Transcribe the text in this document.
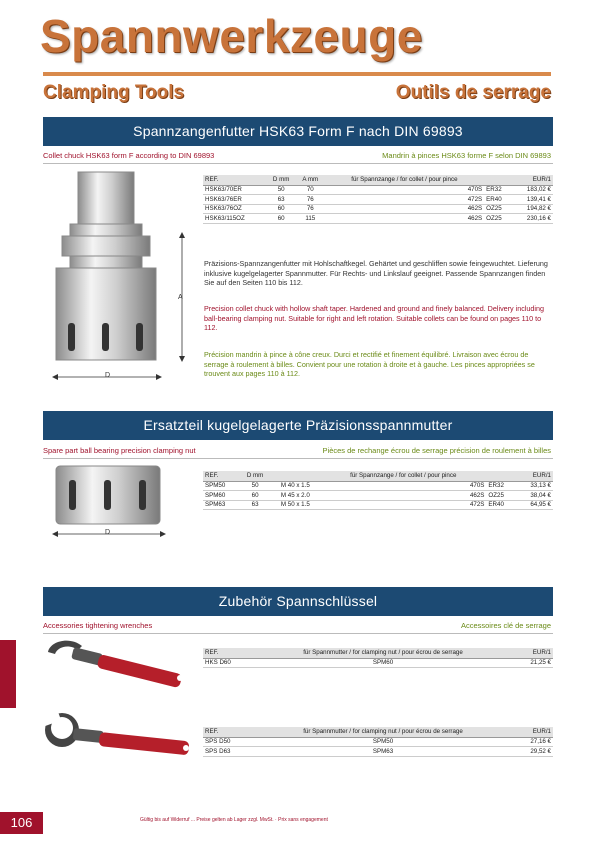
Spannwerkzeuge
Clamping Tools	Outils de serrage
Spannzangenfutter HSK63 Form F nach DIN 69893
Collet chuck HSK63 form F according to DIN 69893	Mandrin à pinces HSK63 forme F selon DIN 69893
A
D
REF.	D mm	A mm	für Spannzange / for collet / pour pince		EUR/1
HSK63/70ER	50	70	470S	ER32	183,02 €
HSK63/76ER	63	76	472S	ER40	139,41 €
HSK63/76OZ	60	76	462S	OZ25	194,82 €
HSK63/115OZ	60	115	462S	OZ25	230,16 €
Präzisions-Spannzangenfutter mit Hohlschaftkegel. Gehärtet und geschliffen sowie feingewuchtet. Lieferung inklusive kugelgelagerter Spannmutter. Für Rechts- und Linkslauf geeignet. Passende Spannzangen finden Sie auf den Seiten 110 bis 112.
Precision collet chuck with hollow shaft taper. Hardened and ground and finely balanced. Delivery including ball-bearing clamping nut. Suitable for right and left rotation. Suitable collets can be found on pages 110 to 112.
Précision mandrin à pince à cône creux. Durci et rectifié et finement équilibré. Livraison avec écrou de serrage à roulement à billes. Convient pour une rotation à droite et à gauche. Les pinces appropriées se trouvent aux pages 110 à 112.
Ersatzteil kugelgelagerte Präzisionsspannmutter
Spare part ball bearing precision clamping nut	Pièces de rechange écrou de serrage précision de roulement à billes
D
REF.	D mm		für Spannzange / for collet / pour pince		EUR/1
SPM50	50	M 40 x 1.5	470S	ER32	33,13 €
SPM60	60	M 45 x 2.0	462S	OZ25	38,04 €
SPM63	63	M 50 x 1.5	472S	ER40	64,95 €
Zubehör Spannschlüssel
Accessories tightening wrenches	Accessoires clé de serrage
REF.	für Spannmutter / for clamping nut / pour écrou de serrage	EUR/1
HKS D60	SPM60	21,25 €
REF.	für Spannmutter / for clamping nut / pour écrou de serrage	EUR/1
SPS D50	SPM50	27,16 €
SPS D63	SPM63	29,52 €
106	Gültig bis auf Widerruf ... Preise gelten ab Lager zzgl. MwSt. · Prix sans engagement
